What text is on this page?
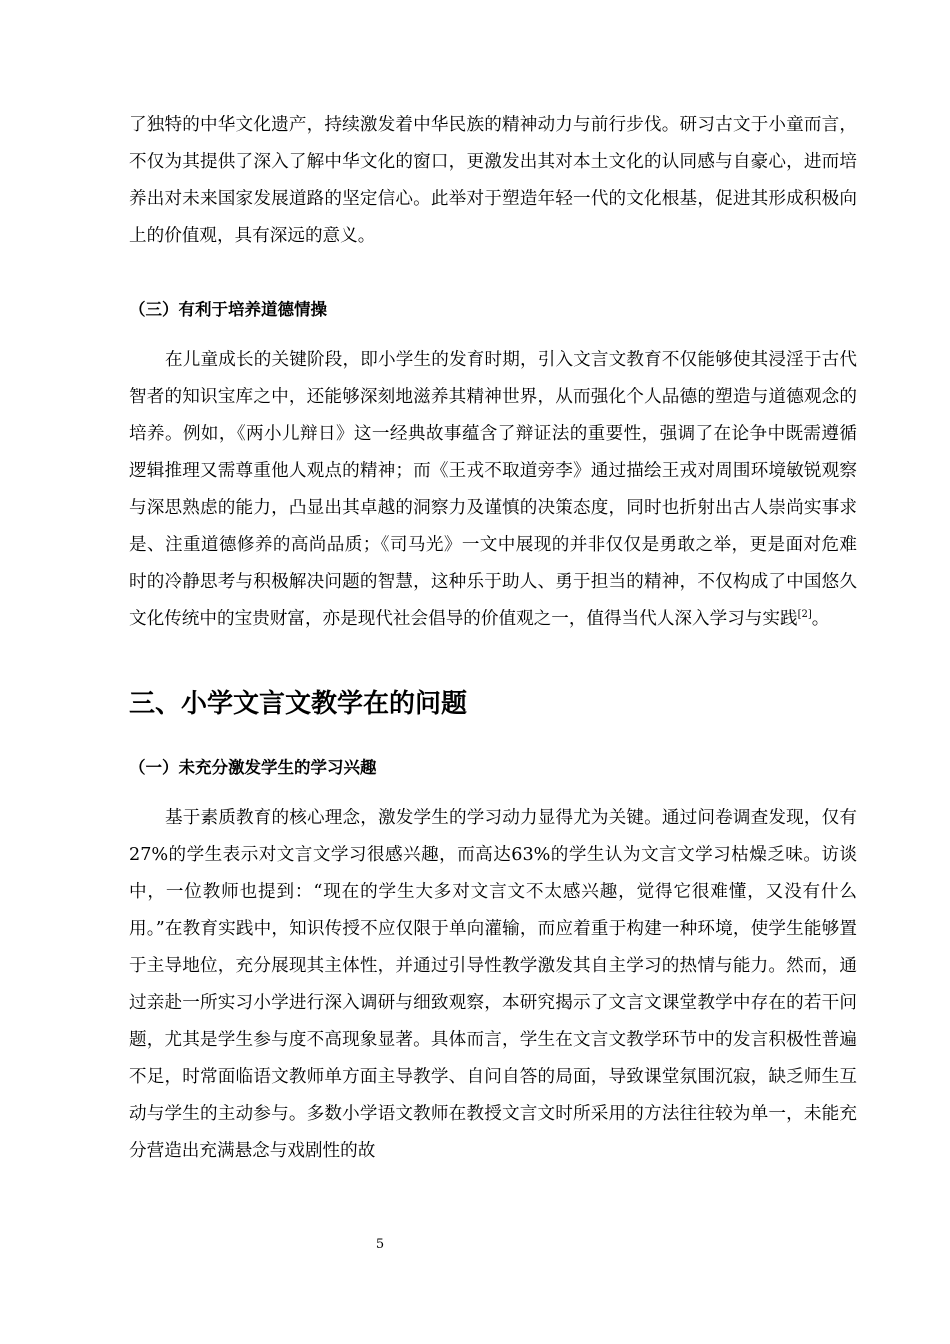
了独特的中华文化遗产，持续激发着中华民族的精神动力与前行步伐。研习古文于小童而言，不仅为其提供了深入了解中华文化的窗口，更激发出其对本土文化的认同感与自豪心，进而培养出对未来国家发展道路的坚定信心。此举对于塑造年轻一代的文化根基，促进其形成积极向上的价值观，具有深远的意义。

（三）有利于培养道德情操

在儿童成长的关键阶段，即小学生的发育时期，引入文言文教育不仅能够使其浸淫于古代智者的知识宝库之中，还能够深刻地滋养其精神世界，从而强化个人品德的塑造与道德观念的培养。例如，《两小儿辩日》这一经典故事蕴含了辩证法的重要性，强调了在论争中既需遵循逻辑推理又需尊重他人观点的精神；而《王戎不取道旁李》通过描绘王戎对周围环境敏锐观察与深思熟虑的能力，凸显出其卓越的洞察力及谨慎的决策态度，同时也折射出古人崇尚实事求是、注重道德修养的高尚品质；《司马光》一文中展现的并非仅仅是勇敢之举，更是面对危难时的冷静思考与积极解决问题的智慧，这种乐于助人、勇于担当的精神，不仅构成了中国悠久文化传统中的宝贵财富，亦是现代社会倡导的价值观之一，值得当代人深入学习与实践[2]。

三、小学文言文教学在的问题
（一）未充分激发学生的学习兴趣

基于素质教育的核心理念，激发学生的学习动力显得尤为关键。通过问卷调查发现，仅有27%的学生表示对文言文学习很感兴趣，而高达63%的学生认为文言文学习枯燥乏味。访谈中，一位教师也提到：“现在的学生大多对文言文不太感兴趣，觉得它很难懂，又没有什么用。”在教育实践中，知识传授不应仅限于单向灌输，而应着重于构建一种环境，使学生能够置于主导地位，充分展现其主体性，并通过引导性教学激发其自主学习的热情与能力。然而，通过亲赴一所实习小学进行深入调研与细致观察，本研究揭示了文言文课堂教学中存在的若干问题，尤其是学生参与度不高现象显著。具体而言，学生在文言文教学环节中的发言积极性普遍不足，时常面临语文教师单方面主导教学、自问自答的局面，导致课堂氛围沉寂，缺乏师生互动与学生的主动参与。多数小学语文教师在教授文言文时所采用的方法往往较为单一，未能充分营造出充满悬念与戏剧性的故

5
